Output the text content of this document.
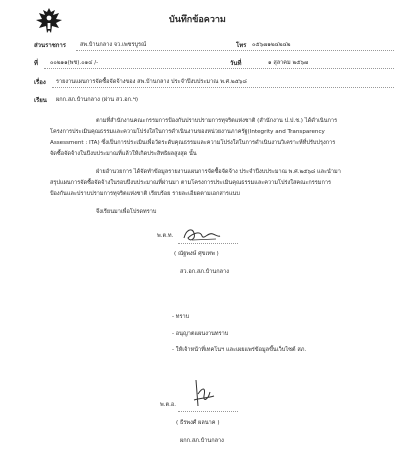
บันทึกข้อความ
ส่วนราชการ สพ.บ้านกลาง จว.เพชรบูรณ์	โทร ๐๕๖๗๑๒๔๒๔๒
ที่ ๐๐๒๑๑(พช).๐๑๔ /-	วันที่	๑ สุลาคม ๒๕๖๗
เรื่อง รายงานแผนการจัดซื้อจัดจ้างของ สพ.บ้านกลาง ประจำปีงบประมาณ พ.ศ.๒๕๖๘
เรียน ผกก.สภ.บ้านกลาง (ผ่าน สว.อก.ฯ)
ตามที่สำนักงานคณะกรรมการป้องกันปราบปรามการทุจริตแห่งชาติ (สำนักงาน ป.ป.ช.) ได้ดำเนินการ
โครงการประเมินคุณธรรมและความโปร่งใสในการดำเนินงานของหน่วยงานภาครัฐ(Integrity and Transparency
Assessment : ITA) ซึ่งเป็นการประเมินเพื่อวัดระดับคุณธรรมและความโปร่งใสในการดำเนินงานวิเคราะห์ที่ปรับปรุงการ
จัดซื้อจัดจ้างในปีงบประมาณที่แล้วให้เกิดประสิทธิผลสูงสุด นั้น
ฝ่ายอำนวยการ ได้จัดทำข้อมูลรายงานแผนการจัดซื้อจัดจ้าง ประจำปีงบประมาณ พ.ศ.๒๕๖๘ และนำมา
สรุปแผนการจัดซื้อจัดจ้างในรอบปีงบประมาณที่ผ่านมา ตามโครงการประเมินคุณธรรมและความโปร่งใสคณะกรรมการ
ป้องกันและปราบปรามการทุจริตแห่งชาติ เรียบร้อย รายละเอียดตามเอกสารแนบ
จึงเรียนมาเพื่อโปรดทราบ
พ.ต.ท.
( ณัฐพงษ์ ศุขเทพ )
สว.อก.สภ.บ้านกลาง
- ทราบ
- อนุญาตแผนงานทราบ
- ให้เจ้าหน้าที่เทคโนฯ และเผยแพร่ข้อมูลขึ้นเว็บไซต์ สภ.
พ.ต.อ.
( ธีรพงศ์ ผลนาค )
ผกก.สภ.บ้านกลาง
